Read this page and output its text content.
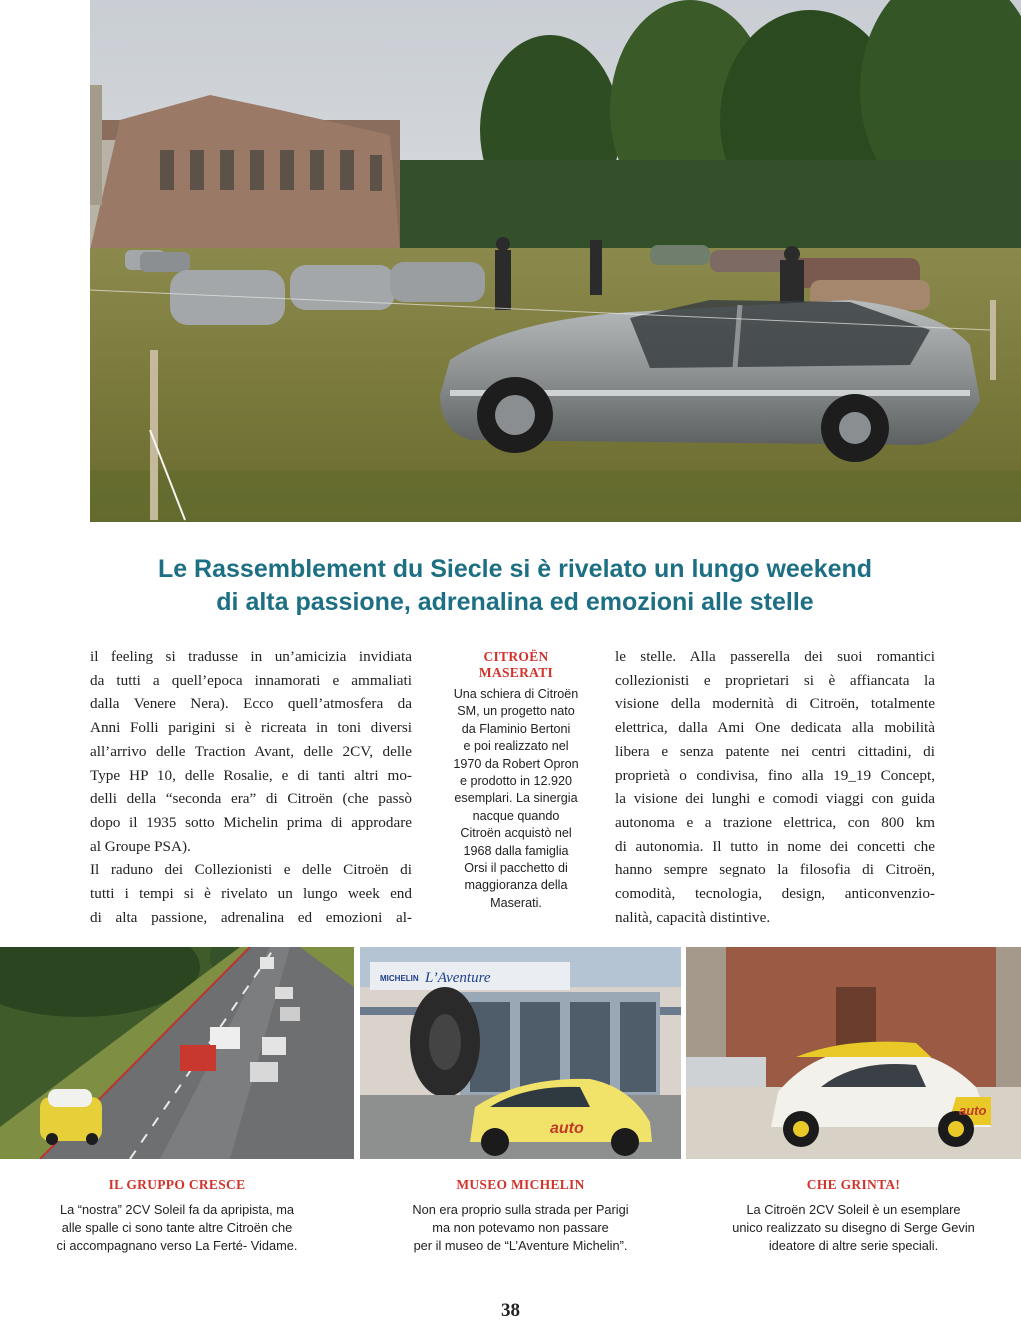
Le Rassemblement du Siecle si è rivelato un lungo weekend
di alta passione, adrenalina ed emozioni alle stelle
il feeling si tradusse in un’amicizia invidiata
da tutti a quell’epoca innamorati e ammaliati
dalla Venere Nera). Ecco quell’atmosfera da
Anni Folli parigini si è ricreata in toni diversi
all’arrivo delle Traction Avant, delle 2CV, delle
Type HP 10, delle Rosalie, e di tanti altri mo-
delli della “seconda era” di Citroën (che passò
dopo il 1935 sotto Michelin prima di approdare
al Groupe PSA).
Il raduno dei Collezionisti e delle Citroën di
tutti i tempi si è rivelato un lungo week end
di alta passione, adrenalina ed emozioni al-
CITROËN
MASERATI
Una schiera di Citroën
SM, un progetto nato
da Flaminio Bertoni
e poi realizzato nel
1970 da Robert Opron
e prodotto in 12.920
esemplari. La sinergia
nacque quando
Citroën acquistò nel
1968 dalla famiglia
Orsi il pacchetto di
maggioranza della
Maserati.
le stelle. Alla passerella dei suoi romantici
collezionisti e proprietari si è affiancata la
visione della modernità di Citroën, totalmente
elettrica, dalla Ami One dedicata alla mobilità
libera e senza patente nei centri cittadini, di
proprietà o condivisa, fino alla 19_19 Concept,
la visione dei lunghi e comodi viaggi con guida
autonoma e a trazione elettrica, con 800 km
di autonomia. Il tutto in nome dei concetti che
hanno sempre segnato la filosofia di Citroën,
comodità, tecnologia, design, anticonvenzio-
nalità, capacità distintive.
auto
MICHELIN L’Aventure
auto
IL GRUPPO CRESCE
La “nostra” 2CV Soleil fa da apripista, ma
alle spalle ci sono tante altre Citroën che
ci accompagnano verso La Ferté- Vidame.
MUSEO MICHELIN
Non era proprio sulla strada per Parigi
ma non potevamo non passare
per il museo de “L’Aventure Michelin”.
CHE GRINTA!
La Citroën 2CV Soleil è un esemplare
unico realizzato su disegno di Serge Gevin
ideatore di altre serie speciali.
38
